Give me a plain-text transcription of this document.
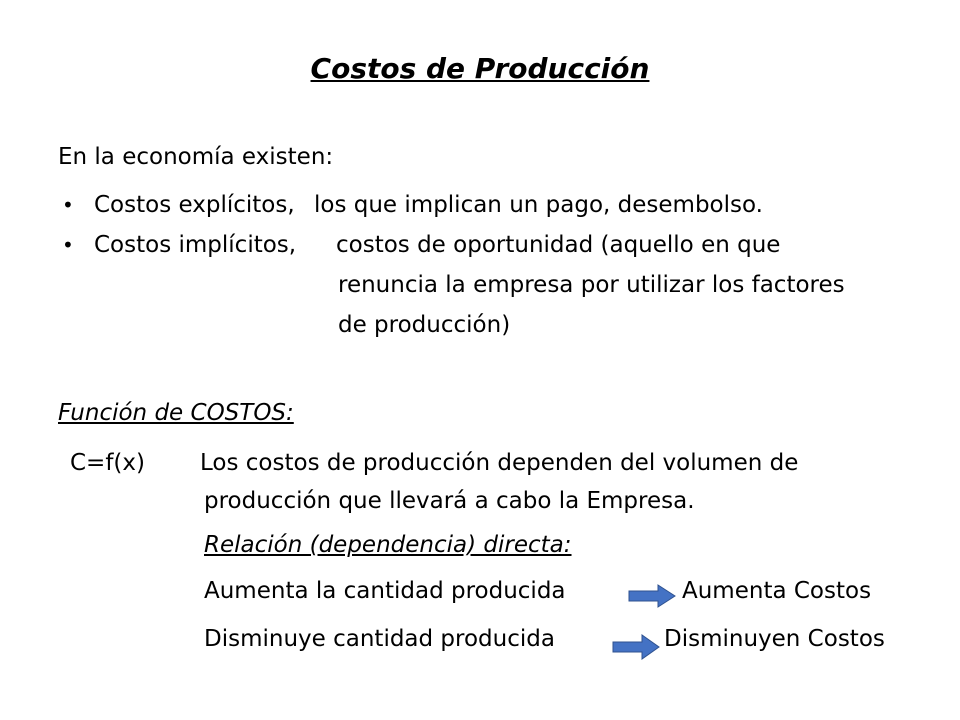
Costos de Producción
En la economía existen:
• Costos explícitos, los que implican un pago, desembolso.
• Costos implícitos, costos de oportunidad (aquello en que
renuncia la empresa por utilizar los factores
de producción)
Función de COSTOS:
C=f(x) Los costos de producción dependen del volumen de
producción que llevará a cabo la Empresa.
Relación (dependencia) directa:
Aumenta la cantidad producida	Aumenta Costos
Disminuye cantidad producida	Disminuyen Costos
